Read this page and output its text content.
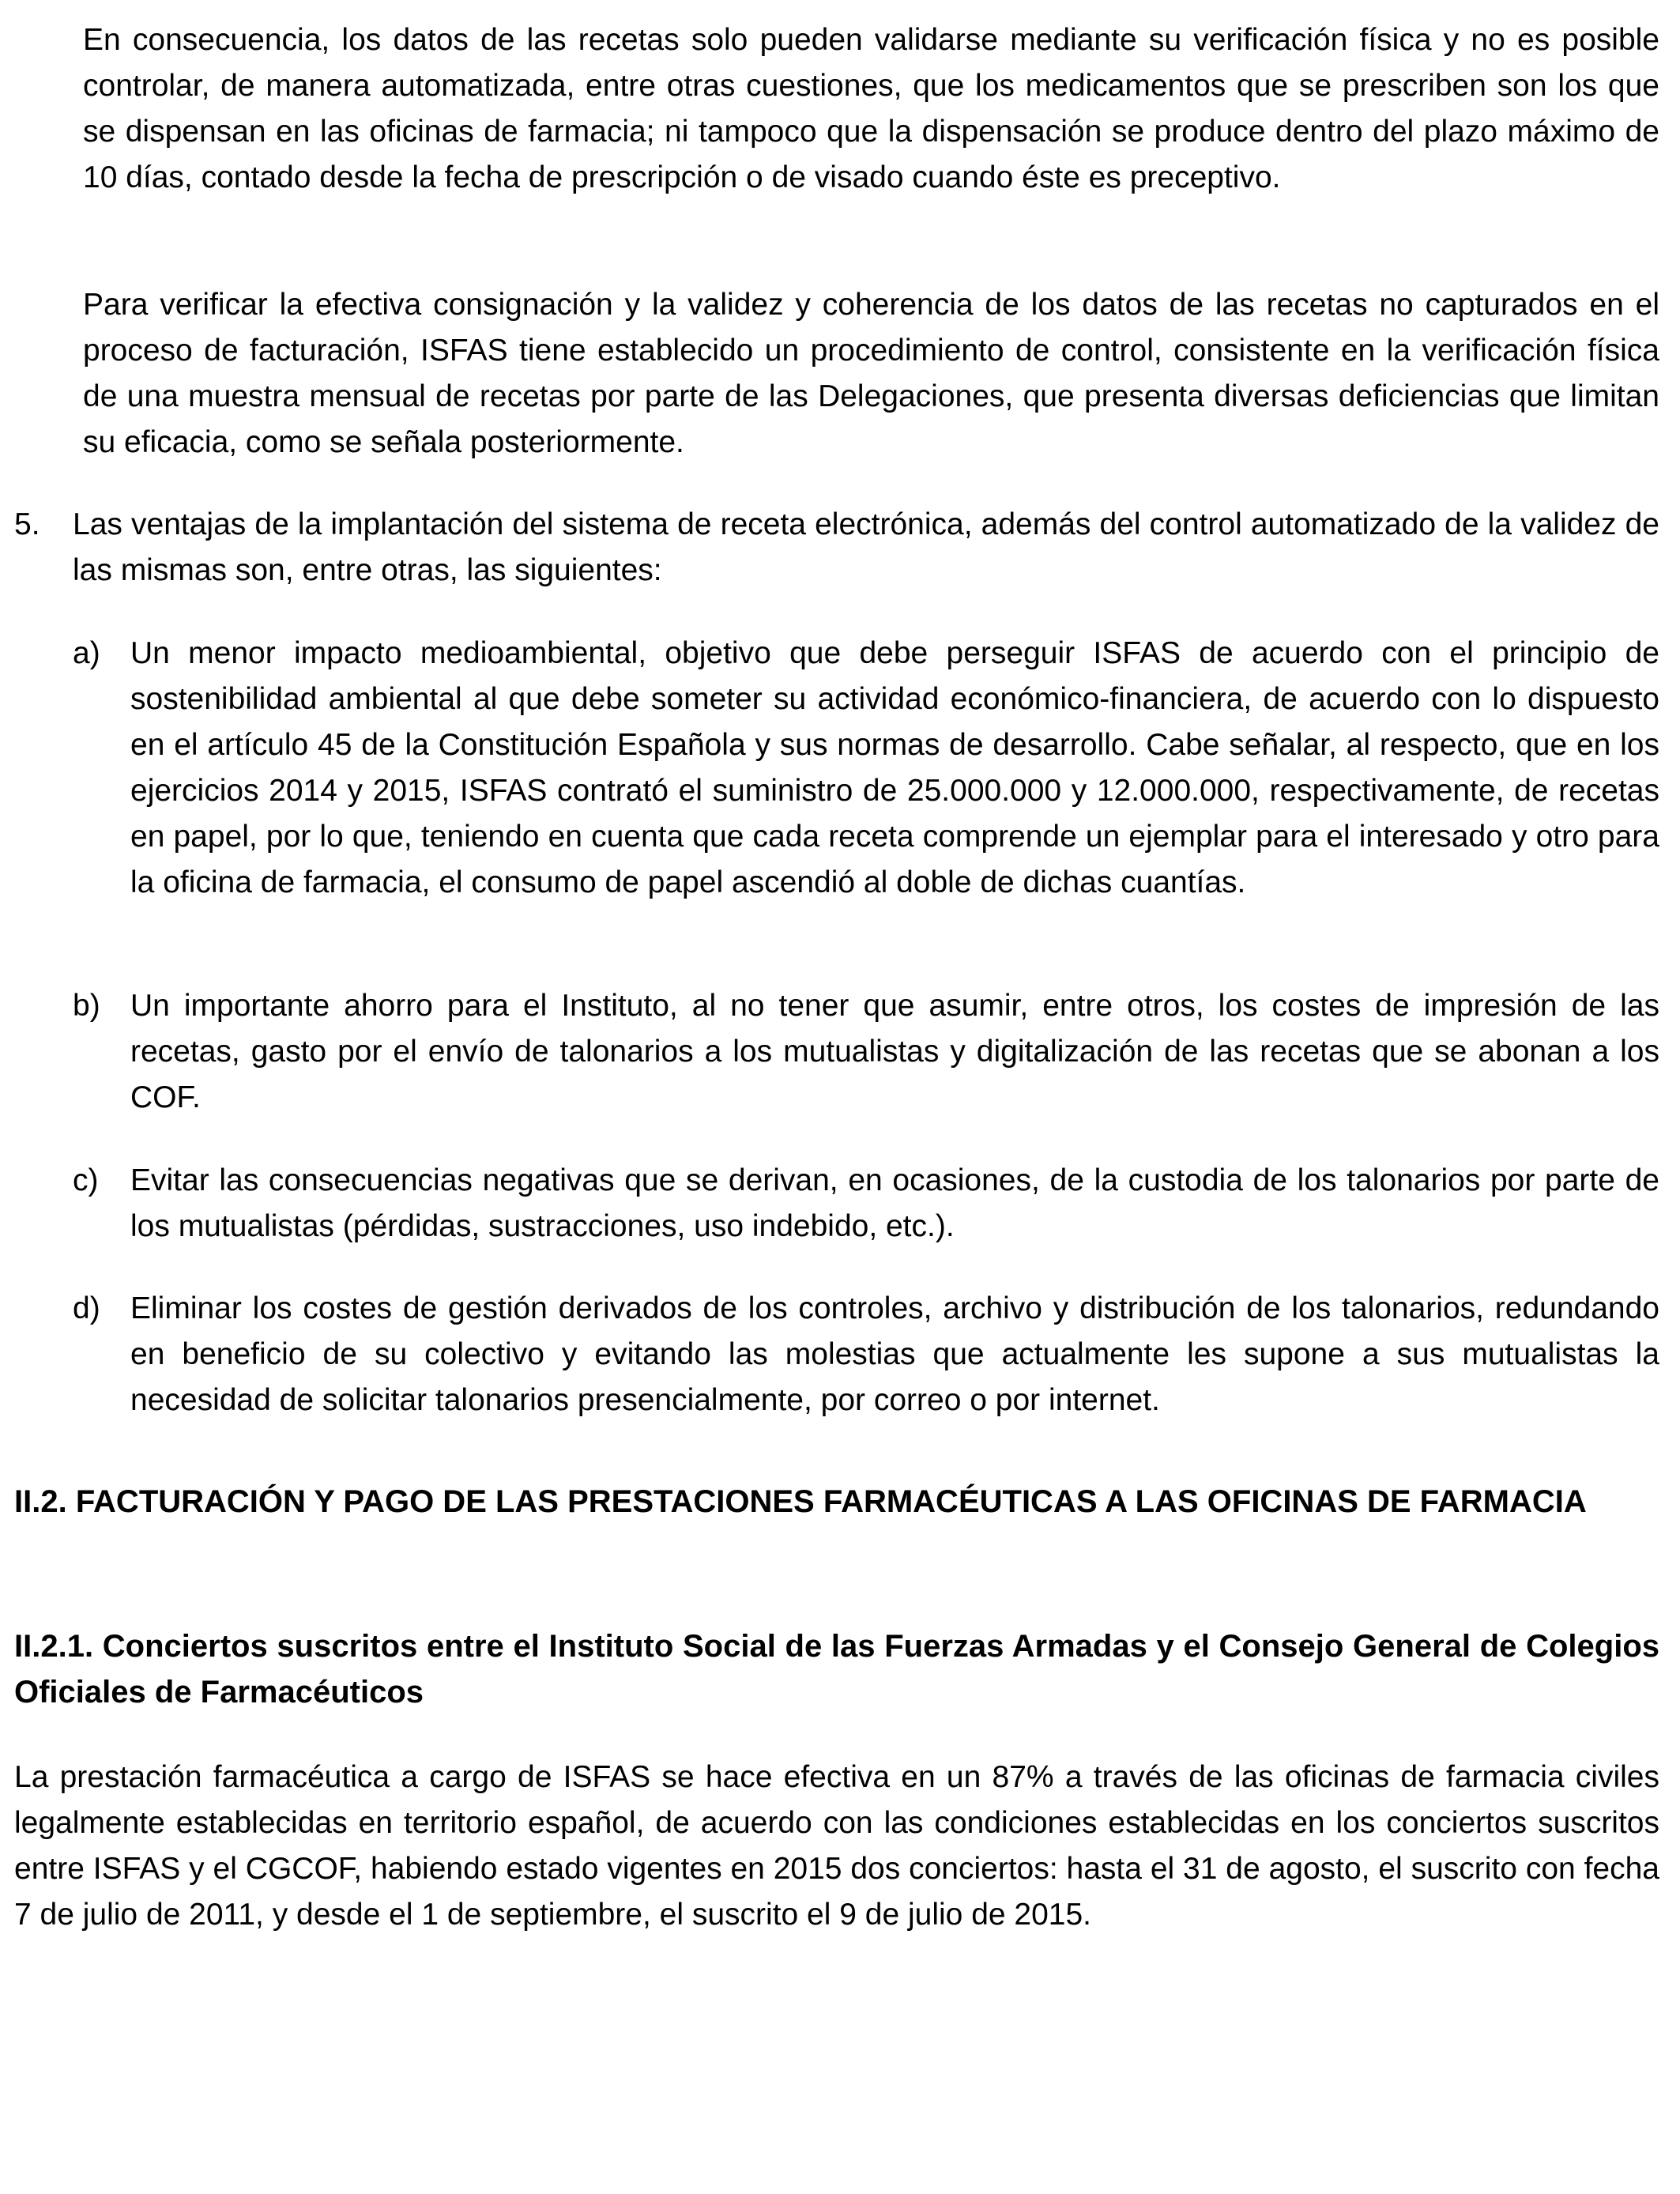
En consecuencia, los datos de las recetas solo pueden validarse mediante su verificación física y no es posible controlar, de manera automatizada, entre otras cuestiones, que los medicamentos que se prescriben son los que se dispensan en las oficinas de farmacia; ni tampoco que la dispensación se produce dentro del plazo máximo de 10 días, contado desde la fecha de prescripción o de visado cuando éste es preceptivo.

Para verificar la efectiva consignación y la validez y coherencia de los datos de las recetas no capturados en el proceso de facturación, ISFAS tiene establecido un procedimiento de control, consistente en la verificación física de una muestra mensual de recetas por parte de las Delegaciones, que presenta diversas deficiencias que limitan su eficacia, como se señala posteriormente.

5. Las ventajas de la implantación del sistema de receta electrónica, además del control automatizado de la validez de las mismas son, entre otras, las siguientes:

a) Un menor impacto medioambiental, objetivo que debe perseguir ISFAS de acuerdo con el principio de sostenibilidad ambiental al que debe someter su actividad económico-financiera, de acuerdo con lo dispuesto en el artículo 45 de la Constitución Española y sus normas de desarrollo. Cabe señalar, al respecto, que en los ejercicios 2014 y 2015, ISFAS contrató el suministro de 25.000.000 y 12.000.000, respectivamente, de recetas en papel, por lo que, teniendo en cuenta que cada receta comprende un ejemplar para el interesado y otro para la oficina de farmacia, el consumo de papel ascendió al doble de dichas cuantías.

b) Un importante ahorro para el Instituto, al no tener que asumir, entre otros, los costes de impresión de las recetas, gasto por el envío de talonarios a los mutualistas y digitalización de las recetas que se abonan a los COF.

c) Evitar las consecuencias negativas que se derivan, en ocasiones, de la custodia de los talonarios por parte de los mutualistas (pérdidas, sustracciones, uso indebido, etc.).

d) Eliminar los costes de gestión derivados de los controles, archivo y distribución de los talonarios, redundando en beneficio de su colectivo y evitando las molestias que actualmente les supone a sus mutualistas la necesidad de solicitar talonarios presencialmente, por correo o por internet.

II.2. FACTURACIÓN Y PAGO DE LAS PRESTACIONES FARMACÉUTICAS A LAS OFICINAS DE FARMACIA
II.2.1. Conciertos suscritos entre el Instituto Social de las Fuerzas Armadas y el Consejo General de Colegios Oficiales de Farmacéuticos

La prestación farmacéutica a cargo de ISFAS se hace efectiva en un 87% a través de las oficinas de farmacia civiles legalmente establecidas en territorio español, de acuerdo con las condiciones establecidas en los conciertos suscritos entre ISFAS y el CGCOF, habiendo estado vigentes en 2015 dos conciertos: hasta el 31 de agosto, el suscrito con fecha 7 de julio de 2011, y desde el 1 de septiembre, el suscrito el 9 de julio de 2015.
